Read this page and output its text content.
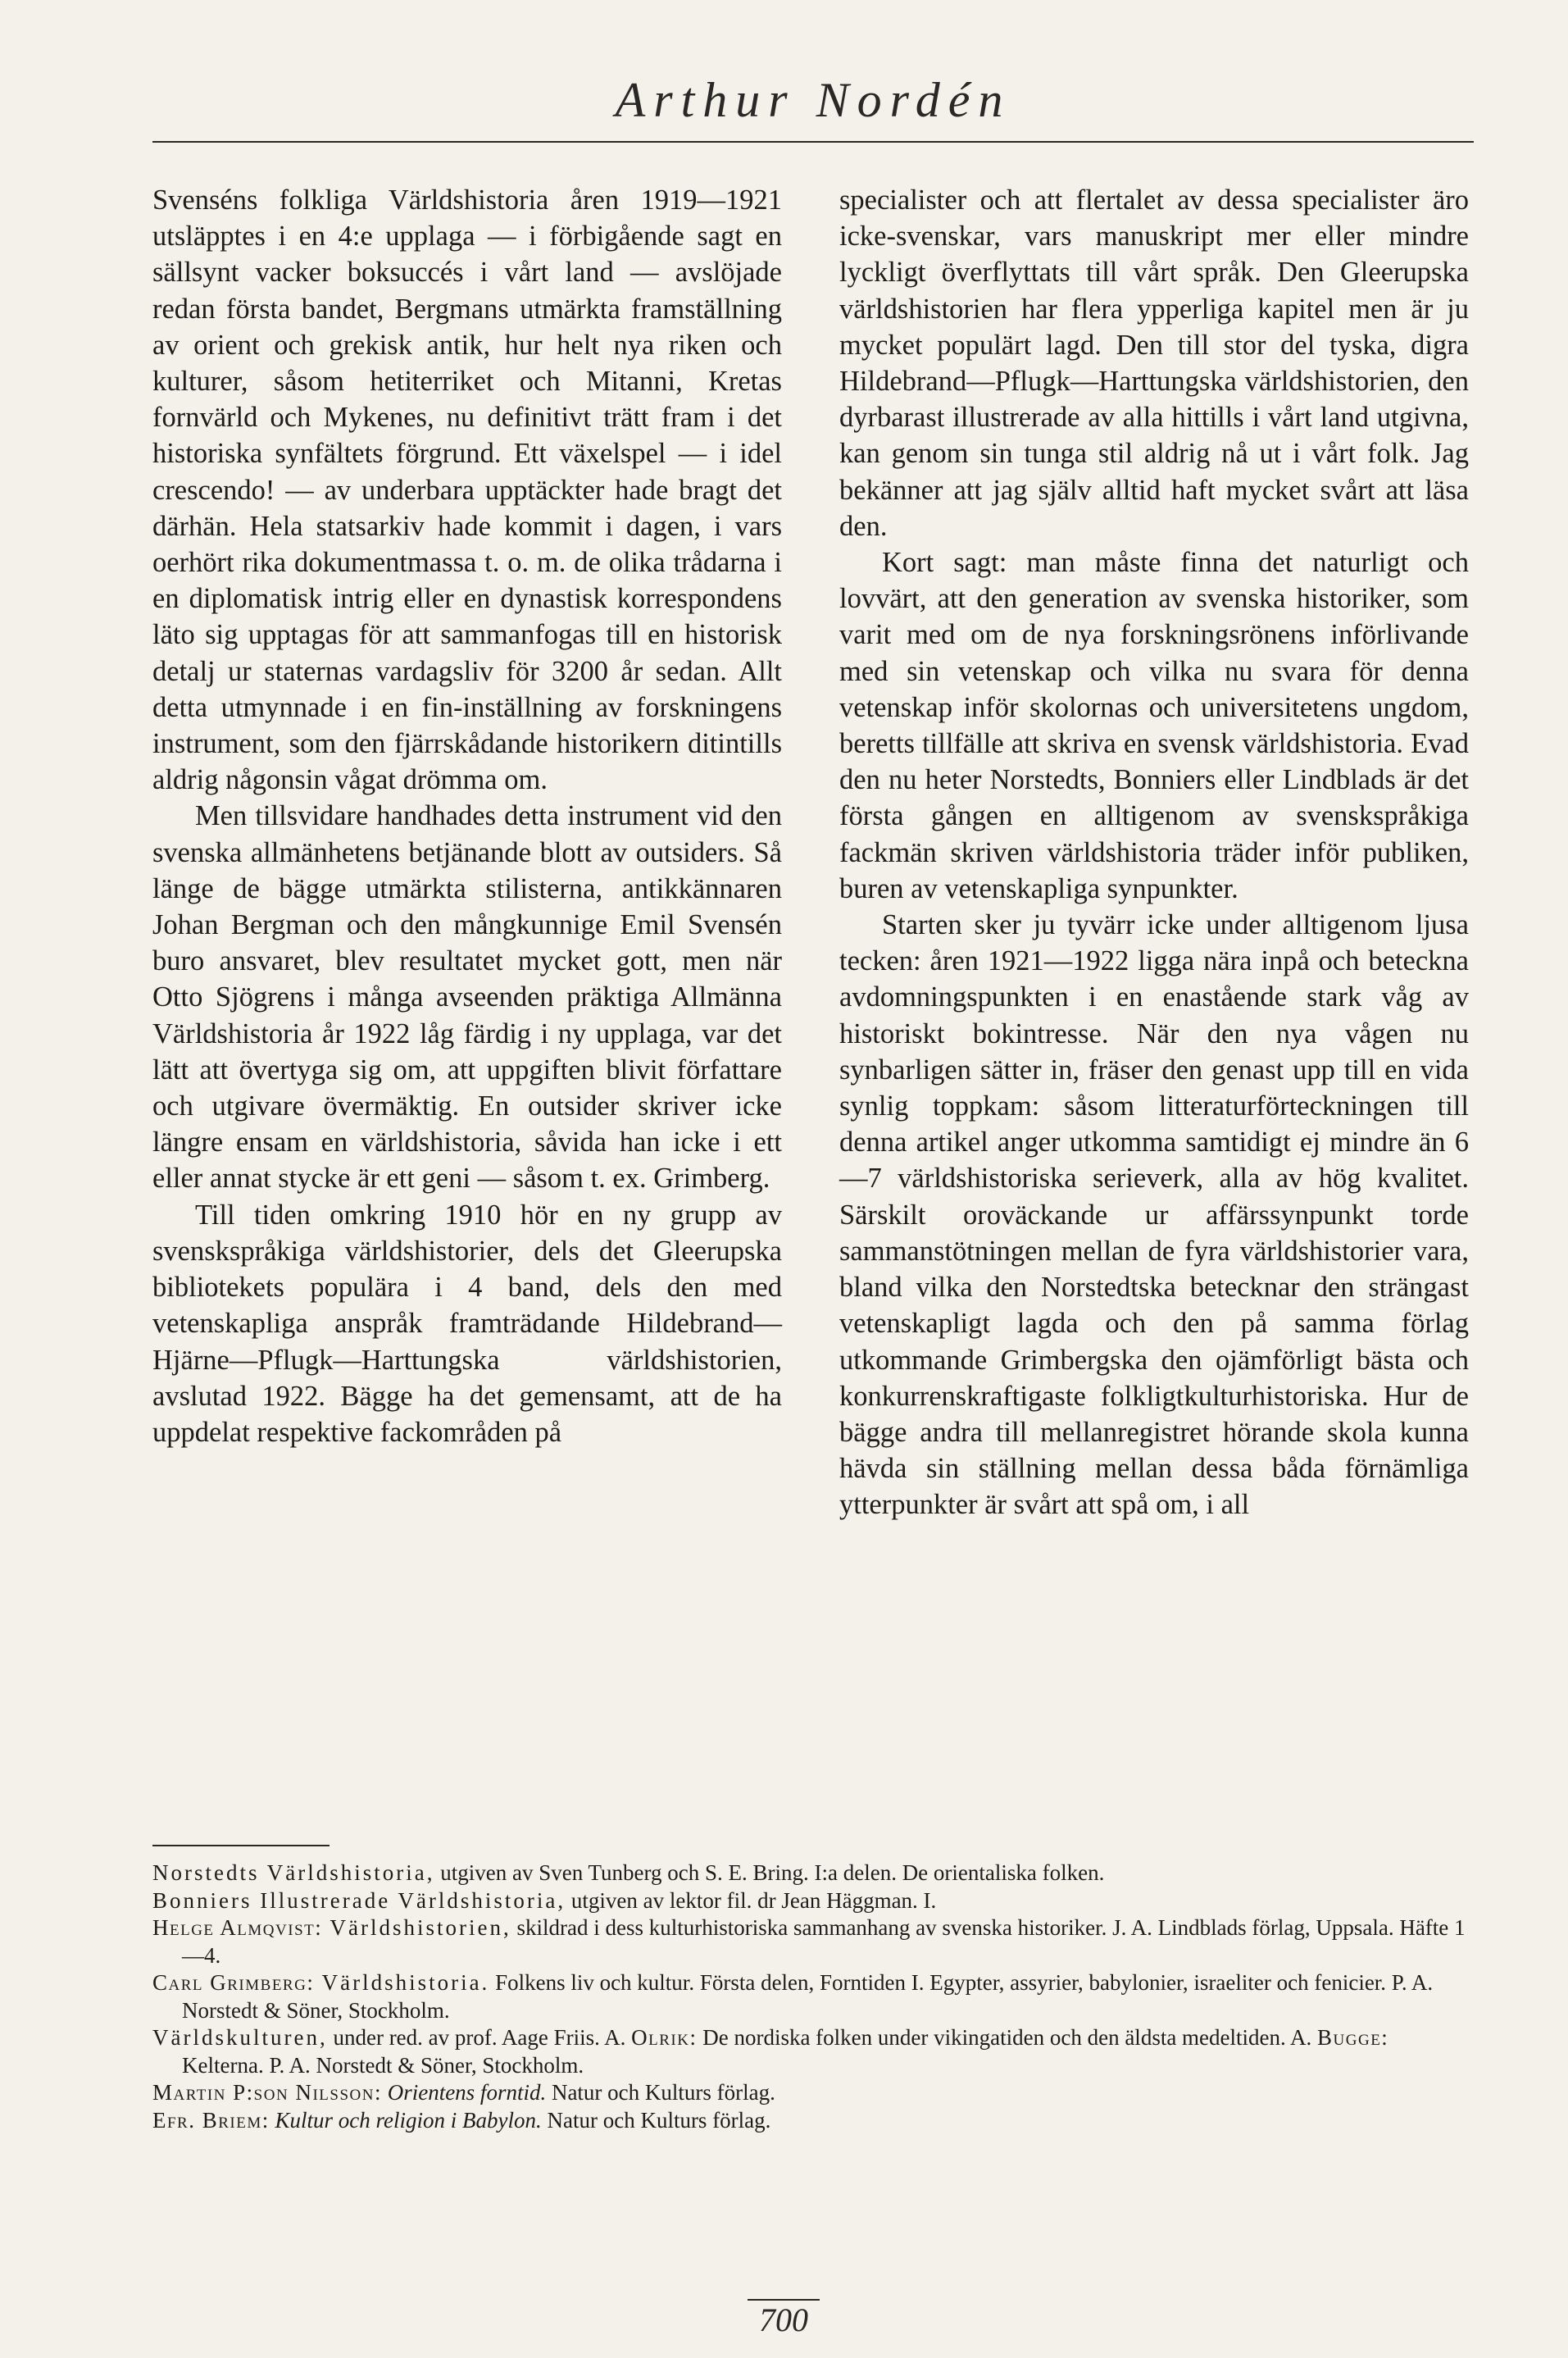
Arthur Nordén

Svenséns folkliga Världshistoria åren 1919—1921 utsläpptes i en 4:e upplaga — i förbigående sagt en sällsynt vacker boksuccés i vårt land — avslöjade redan första bandet, Bergmans utmärkta framställning av orient och grekisk antik, hur helt nya riken och kulturer, såsom hetiterriket och Mitanni, Kretas fornvärld och Mykenes, nu definitivt trätt fram i det historiska synfältets förgrund. Ett växelspel — i idel crescendo! — av underbara upptäckter hade bragt det därhän. Hela statsarkiv hade kommit i dagen, i vars oerhört rika dokumentmassa t. o. m. de olika trådarna i en diplomatisk intrig eller en dynastisk korrespondens läto sig upptagas för att sammanfogas till en historisk detalj ur staternas vardagsliv för 3200 år sedan. Allt detta utmynnade i en fin-inställning av forskningens instrument, som den fjärrskådande historikern ditintills aldrig någonsin vågat drömma om.

Men tillsvidare handhades detta instrument vid den svenska allmänhetens betjänande blott av outsiders. Så länge de bägge utmärkta stilisterna, antikkännaren Johan Bergman och den mångkunnige Emil Svensén buro ansvaret, blev resultatet mycket gott, men när Otto Sjögrens i många avseenden präktiga Allmänna Världshistoria år 1922 låg färdig i ny upplaga, var det lätt att övertyga sig om, att uppgiften blivit författare och utgivare övermäktig. En outsider skriver icke längre ensam en världshistoria, såvida han icke i ett eller annat stycke är ett geni — såsom t. ex. Grimberg.

Till tiden omkring 1910 hör en ny grupp av svenskspråkiga världshistorier, dels det Gleerupska bibliotekets populära i 4 band, dels den med vetenskapliga anspråk framträdande Hildebrand—Hjärne—Pflugk—Harttungska världshistorien, avslutad 1922. Bägge ha det gemensamt, att de ha uppdelat respektive fackområden på

specialister och att flertalet av dessa specialister äro icke-svenskar, vars manuskript mer eller mindre lyckligt överflyttats till vårt språk. Den Gleerupska världshistorien har flera ypperliga kapitel men är ju mycket populärt lagd. Den till stor del tyska, digra Hildebrand—Pflugk—Harttungska världshistorien, den dyrbarast illustrerade av alla hittills i vårt land utgivna, kan genom sin tunga stil aldrig nå ut i vårt folk. Jag bekänner att jag själv alltid haft mycket svårt att läsa den.

Kort sagt: man måste finna det naturligt och lovvärt, att den generation av svenska historiker, som varit med om de nya forskningsrönens införlivande med sin vetenskap och vilka nu svara för denna vetenskap inför skolornas och universitetens ungdom, beretts tillfälle att skriva en svensk världshistoria. Evad den nu heter Norstedts, Bonniers eller Lindblads är det första gången en alltigenom av svenskspråkiga fackmän skriven världshistoria träder inför publiken, buren av vetenskapliga synpunkter.

Starten sker ju tyvärr icke under alltigenom ljusa tecken: åren 1921—1922 ligga nära inpå och beteckna avdomningspunkten i en enastående stark våg av historiskt bokintresse. När den nya vågen nu synbarligen sätter in, fräser den genast upp till en vida synlig toppkam: såsom litteraturförteckningen till denna artikel anger utkomma samtidigt ej mindre än 6—7 världshistoriska serieverk, alla av hög kvalitet. Särskilt oroväckande ur affärssynpunkt torde sammanstötningen mellan de fyra världshistorier vara, bland vilka den Norstedtska betecknar den strängast vetenskapligt lagda och den på samma förlag utkommande Grimbergska den ojämförligt bästa och konkurrenskraftigaste folkligtkulturhistoriska. Hur de bägge andra till mellanregistret hörande skola kunna hävda sin ställning mellan dessa båda förnämliga ytterpunkter är svårt att spå om, i all

Norstedts Världshistoria, utgiven av Sven Tunberg och S. E. Bring. I:a delen. De orientaliska folken.

Bonniers Illustrerade Världshistoria, utgiven av lektor fil. dr Jean Häggman. I.

Helge Almqvist: Världshistorien, skildrad i dess kulturhistoriska sammanhang av svenska historiker. J. A. Lindblads förlag, Uppsala. Häfte 1—4.

Carl Grimberg: Världshistoria. Folkens liv och kultur. Första delen, Forntiden I. Egypter, assyrier, babylonier, israeliter och fenicier. P. A. Norstedt & Söner, Stockholm.

Världskulturen, under red. av prof. Aage Friis. A. Olrik: De nordiska folken under vikingatiden och den äldsta medeltiden. A. Bugge: Kelterna. P. A. Norstedt & Söner, Stockholm.

Martin P:son Nilsson: Orientens forntid. Natur och Kulturs förlag.

Efr. Briem: Kultur och religion i Babylon. Natur och Kulturs förlag.

700
